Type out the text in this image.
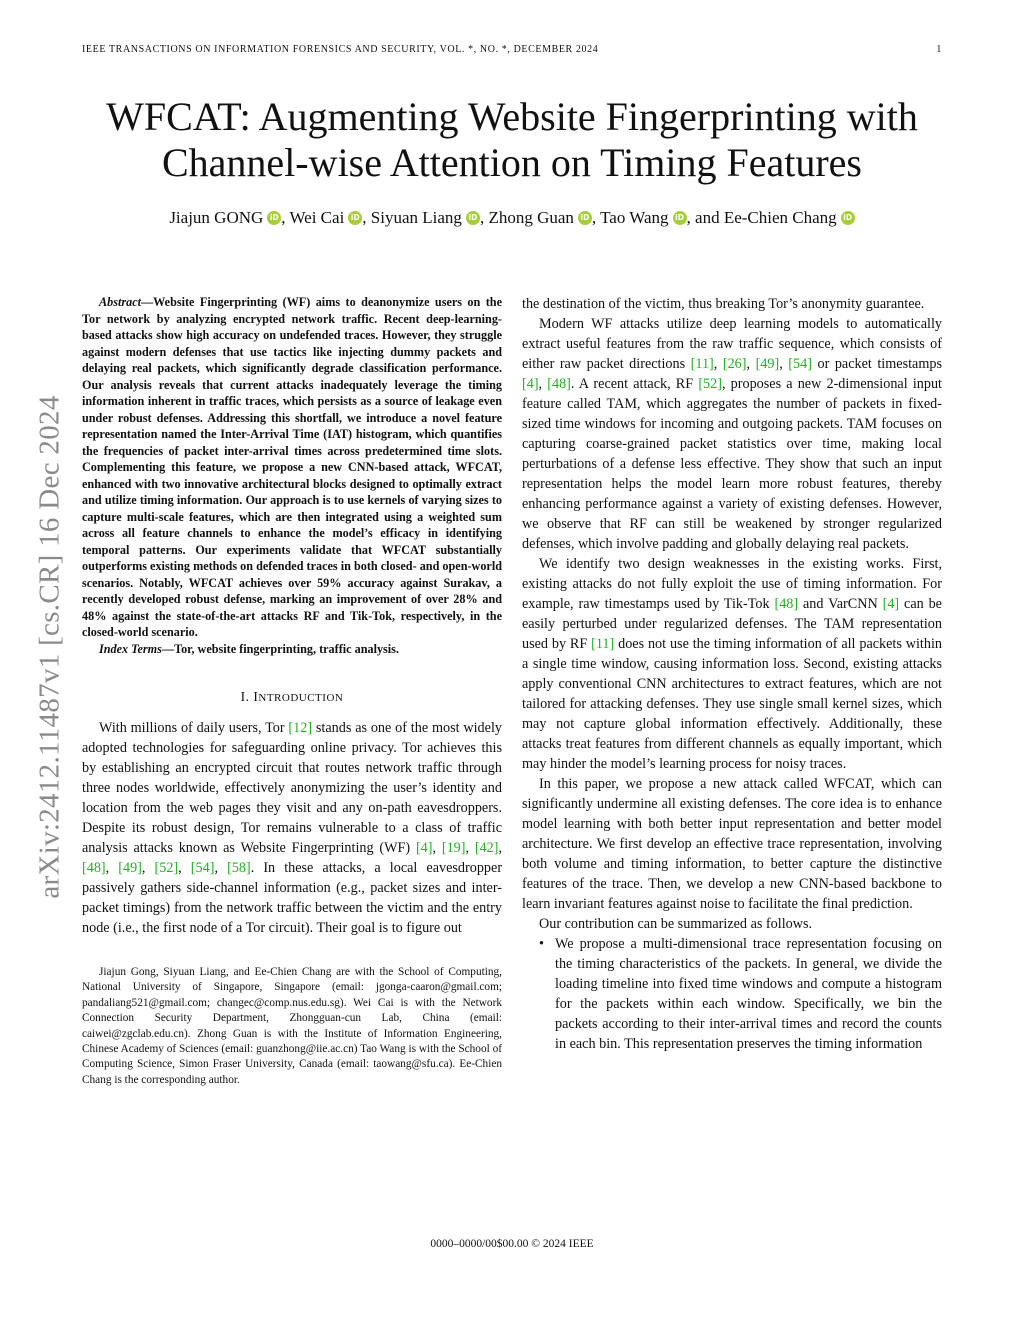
IEEE TRANSACTIONS ON INFORMATION FORENSICS AND SECURITY, VOL. *, NO. *, DECEMBER 2024	1
WFCAT: Augmenting Website Fingerprinting with
Channel-wise Attention on Timing Features
Jiajun GONG iD , Wei Cai iD , Siyuan Liang iD , Zhong Guan iD , Tao Wang iD , and Ee-Chien Chang iD
arXiv:2412.11487v1 [cs.CR] 16 Dec 2024

Abstract—Website Fingerprinting (WF) aims to deanonymize users on the Tor network by analyzing encrypted network traffic. Recent deep-learning-based attacks show high accuracy on undefended traces. However, they struggle against modern defenses that use tactics like injecting dummy packets and delaying real packets, which significantly degrade classification performance. Our analysis reveals that current attacks inadequately leverage the timing information inherent in traffic traces, which persists as a source of leakage even under robust defenses. Addressing this shortfall, we introduce a novel feature representation named the Inter-Arrival Time (IAT) histogram, which quantifies the frequencies of packet inter-arrival times across predetermined time slots. Complementing this feature, we propose a new CNN-based attack, WFCAT, enhanced with two innovative architectural blocks designed to optimally extract and utilize timing information. Our approach is to use kernels of varying sizes to capture multi-scale features, which are then integrated using a weighted sum across all feature channels to enhance the model’s efficacy in identifying temporal patterns. Our experiments validate that WFCAT substantially outperforms existing methods on defended traces in both closed- and open-world scenarios. Notably, WFCAT achieves over 59% accuracy against Surakav, a recently developed robust defense, marking an improvement of over 28% and 48% against the state-of-the-art attacks RF and Tik-Tok, respectively, in the closed-world scenario.

Index Terms—Tor, website fingerprinting, traffic analysis.

I. INTRODUCTION

With millions of daily users, Tor [12] stands as one of the most widely adopted technologies for safeguarding online privacy. Tor achieves this by establishing an encrypted circuit that routes network traffic through three nodes worldwide, effectively anonymizing the user’s identity and location from the web pages they visit and any on-path eavesdroppers. Despite its robust design, Tor remains vulnerable to a class of traffic analysis attacks known as Website Fingerprinting (WF) [4], [19], [42], [48], [49], [52], [54], [58]. In these attacks, a local eavesdropper passively gathers side-channel information (e.g., packet sizes and inter-packet timings) from the network traffic between the victim and the entry node (i.e., the first node of a Tor circuit). Their goal is to figure out

Jiajun Gong, Siyuan Liang, and Ee-Chien Chang are with the School of Computing, National University of Singapore, Singapore (email: jgonga-caaron@gmail.com; pandaliang521@gmail.com; changec@comp.nus.edu.sg). Wei Cai is with the Network Connection Security Department, Zhongguan-cun Lab, China (email: caiwei@zgclab.edu.cn). Zhong Guan is with the Institute of Information Engineering, Chinese Academy of Sciences (email: guanzhong@iie.ac.cn) Tao Wang is with the School of Computing Science, Simon Fraser University, Canada (email: taowang@sfu.ca). Ee-Chien Chang is the corresponding author.

the destination of the victim, thus breaking Tor’s anonymity guarantee.

Modern WF attacks utilize deep learning models to automatically extract useful features from the raw traffic sequence, which consists of either raw packet directions [11], [26], [49], [54] or packet timestamps [4], [48]. A recent attack, RF [52], proposes a new 2-dimensional input feature called TAM, which aggregates the number of packets in fixed-sized time windows for incoming and outgoing packets. TAM focuses on capturing coarse-grained packet statistics over time, making local perturbations of a defense less effective. They show that such an input representation helps the model learn more robust features, thereby enhancing performance against a variety of existing defenses. However, we observe that RF can still be weakened by stronger regularized defenses, which involve padding and globally delaying real packets.

We identify two design weaknesses in the existing works. First, existing attacks do not fully exploit the use of timing information. For example, raw timestamps used by Tik-Tok [48] and VarCNN [4] can be easily perturbed under regularized defenses. The TAM representation used by RF [11] does not use the timing information of all packets within a single time window, causing information loss. Second, existing attacks apply conventional CNN architectures to extract features, which are not tailored for attacking defenses. They use single small kernel sizes, which may not capture global information effectively. Additionally, these attacks treat features from different channels as equally important, which may hinder the model’s learning process for noisy traces.

In this paper, we propose a new attack called WFCAT, which can significantly undermine all existing defenses. The core idea is to enhance model learning with both better input representation and better model architecture. We first develop an effective trace representation, involving both volume and timing information, to better capture the distinctive features of the trace. Then, we develop a new CNN-based backbone to learn invariant features against noise to facilitate the final prediction.

Our contribution can be summarized as follows.

• We propose a multi-dimensional trace representation focusing on the timing characteristics of the packets. In general, we divide the loading timeline into fixed time windows and compute a histogram for the packets within each window. Specifically, we bin the packets according to their inter-arrival times and record the counts in each bin. This representation preserves the timing information
0000–0000/00$00.00 © 2024 IEEE
